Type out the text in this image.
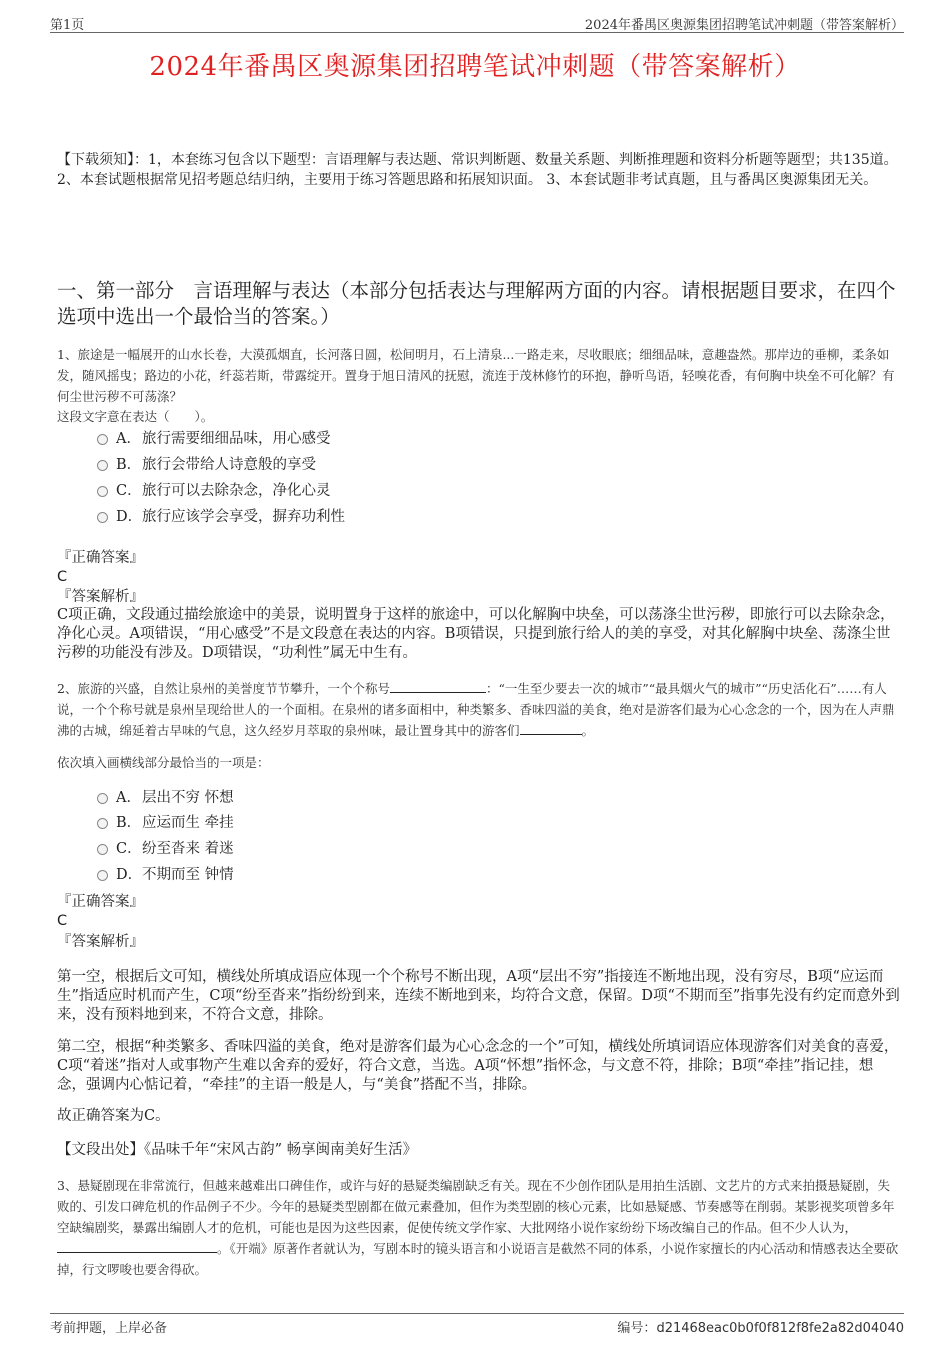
第1页	2024年番禺区奥源集团招聘笔试冲刺题（带答案解析）
2024年番禺区奥源集团招聘笔试冲刺题（带答案解析）
【下载须知】：1，本套练习包含以下题型：言语理解与表达题、常识判断题、数量关系题、判断推理题和资料分析题等题型；共135道。 2、本套试题根据常见招考题总结归纳，主要用于练习答题思路和拓展知识面。 3、本套试题非考试真题，且与番禺区奥源集团无关。
一、第一部分　言语理解与表达（本部分包括表达与理解两方面的内容。请根据题目要求，在四个选项中选出一个最恰当的答案。）
1、旅途是一幅展开的山水长卷，大漠孤烟直，长河落日圆，松间明月，石上清泉...一路走来，尽收眼底；细细品味，意趣盎然。那岸边的垂柳，柔条如发，随风摇曳；路边的小花，纤蕊若斯，带露绽开。置身于旭日清风的抚慰，流连于茂林修竹的环抱，静听鸟语，轻嗅花香，有何胸中块垒不可化解？有何尘世污秽不可荡涤？
这段文字意在表达（　　）。
A．旅行需要细细品味，用心感受
B．旅行会带给人诗意般的享受
C．旅行可以去除杂念，净化心灵
D．旅行应该学会享受，摒弃功利性
『正确答案』
C
『答案解析』
C项正确，文段通过描绘旅途中的美景，说明置身于这样的旅途中，可以化解胸中块垒，可以荡涤尘世污秽，即旅行可以去除杂念，净化心灵。A项错误，“用心感受”不是文段意在表达的内容。B项错误，只提到旅行给人的美的享受，对其化解胸中块垒、荡涤尘世污秽的功能没有涉及。D项错误，“功利性”属无中生有。
2、旅游的兴盛，自然让泉州的美誉度节节攀升，一个个称号	：“一生至少要去一次的城市”“最具烟火气的城市”“历史活化石”……有人说，一个个称号就是泉州呈现给世人的一个面相。在泉州的诸多面相中，种类繁多、香味四溢的美食，绝对是游客们最为心心念念的一个，因为在人声鼎沸的古城，绵延着古早味的气息，这久经岁月萃取的泉州味，最让置身其中的游客们	。
依次填入画横线部分最恰当的一项是：
A．层出不穷 怀想
B．应运而生 牵挂
C．纷至沓来 着迷
D．不期而至 钟情
『正确答案』
C
『答案解析』
第一空，根据后文可知，横线处所填成语应体现一个个称号不断出现，A项“层出不穷”指接连不断地出现，没有穷尽，B项“应运而生”指适应时机而产生，C项“纷至沓来”指纷纷到来，连续不断地到来，均符合文意，保留。D项“不期而至”指事先没有约定而意外到来，没有预料地到来，不符合文意，排除。
第二空，根据“种类繁多、香味四溢的美食，绝对是游客们最为心心念念的一个”可知，横线处所填词语应体现游客们对美食的喜爱，C项“着迷”指对人或事物产生难以舍弃的爱好，符合文意，当选。A项“怀想”指怀念，与文意不符，排除；B项“牵挂”指记挂，想念，强调内心惦记着，“牵挂”的主语一般是人，与“美食”搭配不当，排除。
故正确答案为C。
【文段出处】《品味千年“宋风古韵” 畅享闽南美好生活》
3、悬疑剧现在非常流行，但越来越难出口碑佳作，或许与好的悬疑类编剧缺乏有关。现在不少创作团队是用拍生活剧、文艺片的方式来拍摄悬疑剧，失败的、引发口碑危机的作品例子不少。今年的悬疑类型剧都在做元素叠加，但作为类型剧的核心元素，比如悬疑感、节奏感等在削弱。某影视奖项曾多年空缺编剧奖，暴露出编剧人才的危机，可能也是因为这些因素，促使传统文学作家、大批网络小说作家纷纷下场改编自己的作品。但不少人认为，。《开端》原著作者就认为，写剧本时的镜头语言和小说语言是截然不同的体系，小说作家擅长的内心活动和情感表达全要砍掉，行文啰唆也要舍得砍。
考前押题，上岸必备	编号：d21468eac0b0f0f812f8fe2a82d04040
